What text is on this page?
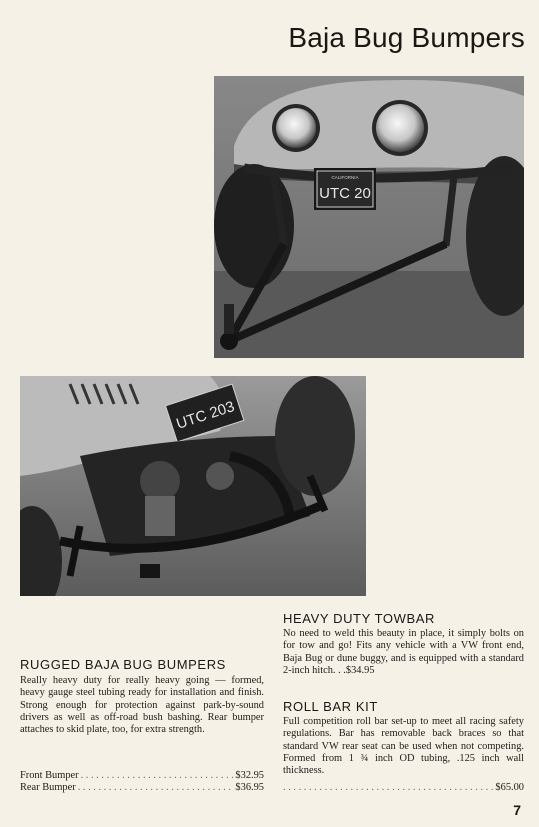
Baja Bug Bumpers
CALIFORNIA
UTC 20
UTC 203
RUGGED BAJA BUG BUMPERS
Really heavy duty for really heavy going — formed, heavy gauge steel tubing ready for installation and finish. Strong enough for protection against park-by-sound drivers as well as off-road bush bashing. Rear bumper attaches to skid plate, too, for extra strength.
Front Bumper . . .	$32.95
Rear Bumper . . .	$36.95
HEAVY DUTY TOWBAR
No need to weld this beauty in place, it simply bolts on for tow and go! Fits any vehicle with a VW front end, Baja Bug or dune buggy, and is equipped with a standard 2-inch hitch. . .$34.95
ROLL BAR KIT
Full competition roll bar set-up to meet all racing safety regulations. Bar has removable back braces so that standard VW rear seat can be used when not competing. Formed from 1 ¾ inch OD tubing, .125 inch wall thickness.
. . .
$65.00
7
